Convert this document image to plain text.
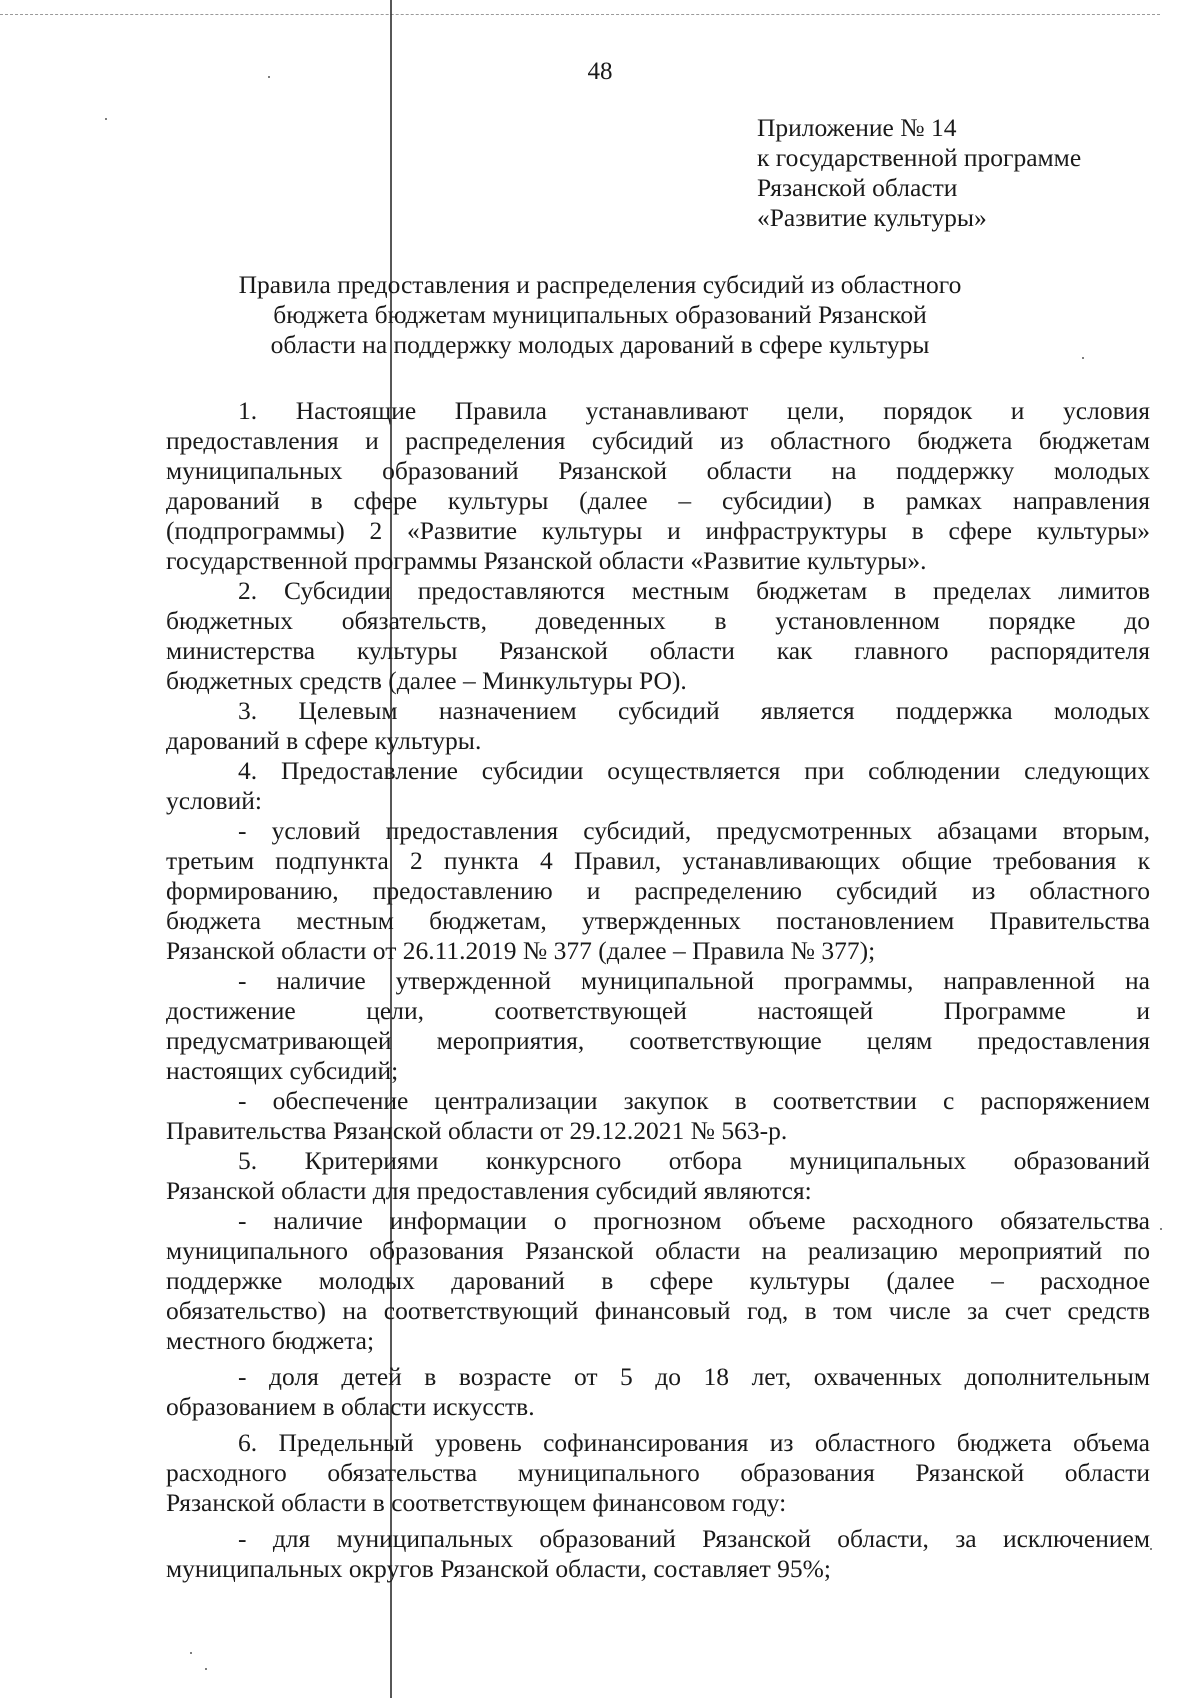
48
Приложение № 14
к государственной программе
Рязанской области
«Развитие культуры»
Правила предоставления и распределения субсидий из областного
бюджета бюджетам муниципальных образований Рязанской
области на поддержку молодых дарований в сфере культуры
1. Настоящие Правила устанавливают цели, порядок и условия
предоставления и распределения субсидий из областного бюджета бюджетам
муниципальных образований Рязанской области на поддержку молодых
дарований в сфере культуры (далее – субсидии) в рамках направления
(подпрограммы) 2 «Развитие культуры и инфраструктуры в сфере культуры»
государственной программы Рязанской области «Развитие культуры».
2. Субсидии предоставляются местным бюджетам в пределах лимитов
бюджетных обязательств, доведенных в установленном порядке до
министерства культуры Рязанской области как главного распорядителя
бюджетных средств (далее – Минкультуры РО).
3. Целевым назначением субсидий является поддержка молодых
дарований в сфере культуры.
4. Предоставление субсидии осуществляется при соблюдении следующих
условий:
- условий предоставления субсидий, предусмотренных абзацами вторым,
третьим подпункта 2 пункта 4 Правил, устанавливающих общие требования к
формированию, предоставлению и распределению субсидий из областного
бюджета местным бюджетам, утвержденных постановлением Правительства
Рязанской области от 26.11.2019 № 377 (далее – Правила № 377);
- наличие утвержденной муниципальной программы, направленной на
достижение цели, соответствующей настоящей Программе и
предусматривающей мероприятия, соответствующие целям предоставления
настоящих субсидий;
- обеспечение централизации закупок в соответствии с распоряжением
Правительства Рязанской области от 29.12.2021 № 563-р.
5. Критериями конкурсного отбора муниципальных образований
Рязанской области для предоставления субсидий являются:
- наличие информации о прогнозном объеме расходного обязательства
муниципального образования Рязанской области на реализацию мероприятий по
поддержке молодых дарований в сфере культуры (далее – расходное
обязательство) на соответствующий финансовый год, в том числе за счет средств
местного бюджета;
- доля детей в возрасте от 5 до 18 лет, охваченных дополнительным
образованием в области искусств.
6. Предельный уровень софинансирования из областного бюджета объема
расходного обязательства муниципального образования Рязанской области
Рязанской области в соответствующем финансовом году:
- для муниципальных образований Рязанской области, за исключением
муниципальных округов Рязанской области, составляет 95%;
